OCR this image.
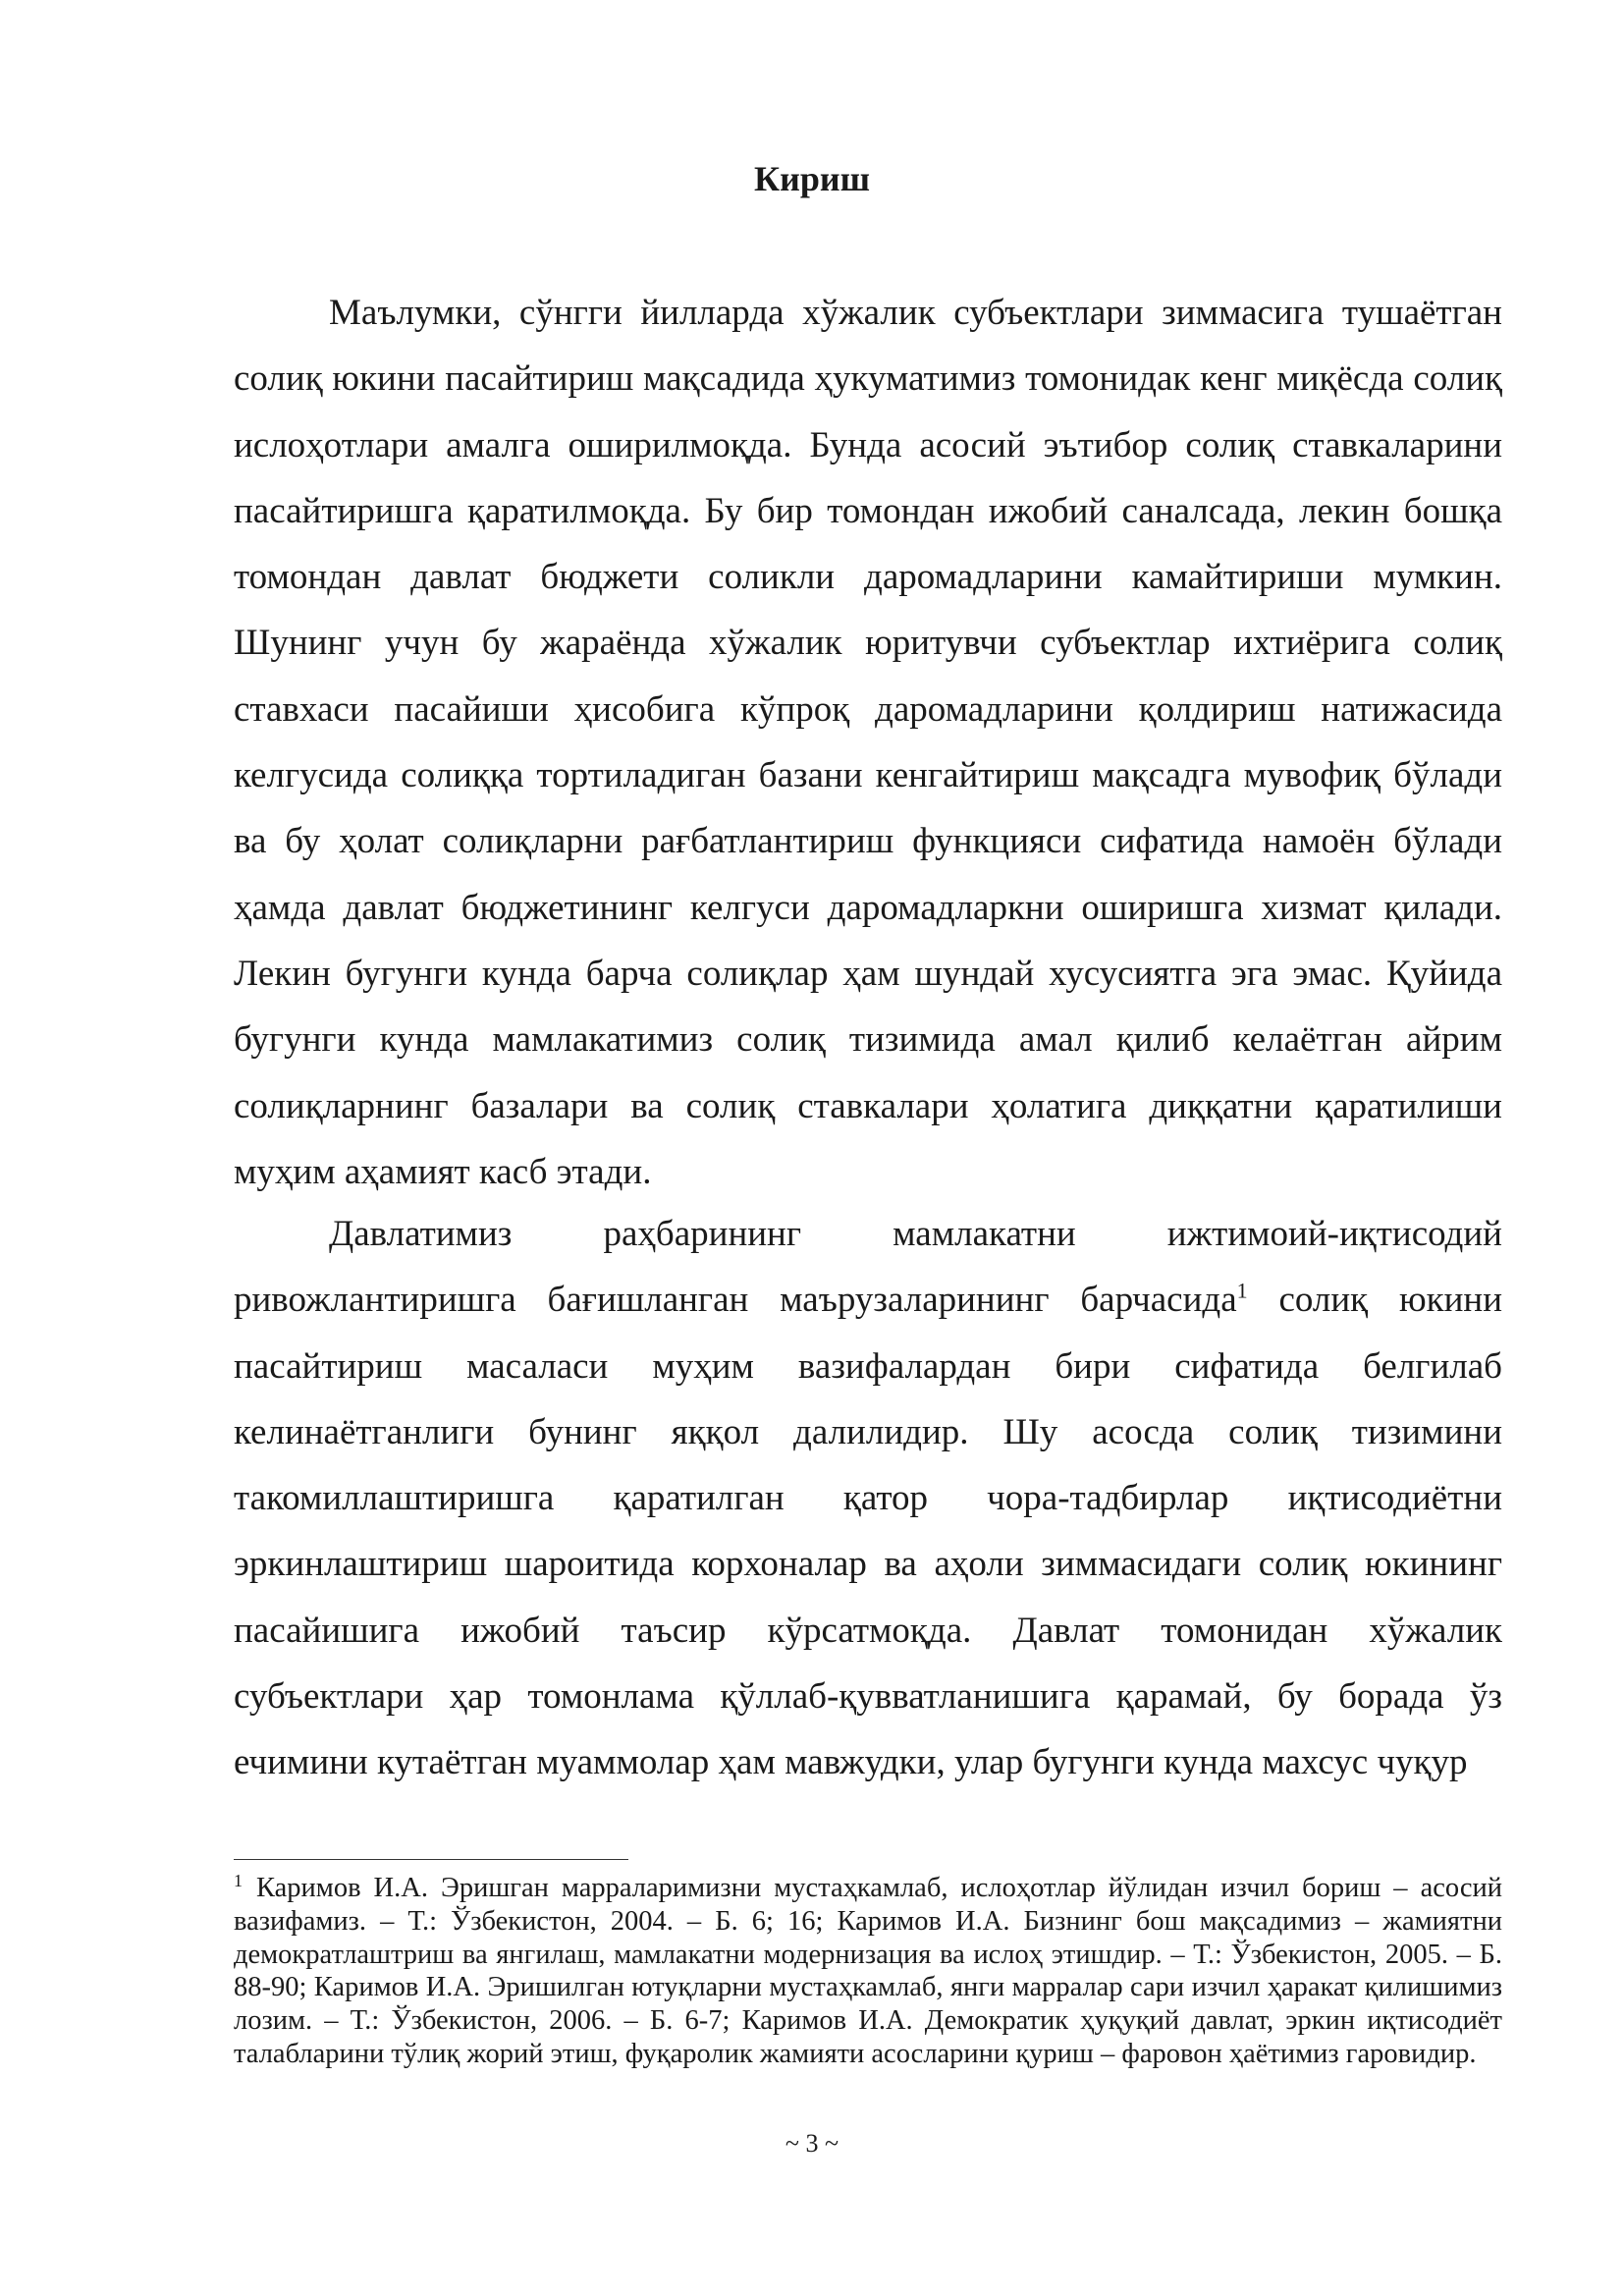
Кириш

Маълумки, сўнгги йилларда хўжалик субъектлари зиммасига тушаётган солиқ юкини пасайтириш мақсадида ҳукуматимиз томонидак кенг миқёсда солиқ ислоҳотлари амалга оширилмоқда. Бунда асосий эътибор солиқ ставкаларини пасайтиришга қаратилмоқда. Бу бир томондан ижобий саналсада, лекин бошқа томондан давлат бюджети соликли даромадларини камайтириши мумкин. Шунинг учун бу жараёнда хўжалик юритувчи субъектлар ихтиёрига солиқ ставхаси пасайиши ҳисобига кўпроқ даромадларини қолдириш натижасида келгусида солиққа тортиладиган базани кенгайтириш мақсадга мувофиқ бўлади ва бу ҳолат солиқларни рағбатлантириш функцияси сифатида намоён бўлади ҳамда давлат бюджетининг келгуси даромадларкни оширишга хизмат қилади. Лекин бугунги кунда барча солиқлар ҳам шундай хусусиятга эга эмас. Қуйида бугунги кунда мамлакатимиз солиқ тизимида амал қилиб келаётган айрим солиқларнинг базалари ва солиқ ставкалари ҳолатига диққатни қаратилиши муҳим аҳамият касб этади.

Давлатимиз раҳбарининг мамлакатни ижтимоий-иқтисодий ривожлантиришга бағишланган маърузаларининг барчасида$^1$ солиқ юкини пасайтириш масаласи муҳим вазифалардан бири сифатида белгилаб келинаётганлиги бунинг яққол далилидир. Шу асосда солиқ тизимини такомиллаштиришга қаратилган қатор чора-тадбирлар иқтисодиётни эркинлаштириш шароитида корхоналар ва аҳоли зиммасидаги солиқ юкининг пасайишига ижобий таъсир кўрсатмоқда. Давлат томонидан хўжалик субъектлари ҳар томонлама қўллаб-қувватланишига қарамай, бу борада ўз ечимини кутаётган муаммолар ҳам мавжудки, улар бугунги кунда махсус чуқур

$^1$ Каримов И.А. Эришган марраларимизни мустаҳкамлаб, ислоҳотлар йўлидан изчил бориш – асосий вазифамиз. – Т.: Ўзбекистон, 2004. – Б. 6; 16; Каримов И.А. Бизнинг бош мақсадимиз – жамиятни демократлаштриш ва янгилаш, мамлакатни модернизация ва ислоҳ этишдир. – Т.: Ўзбекистон, 2005. – Б. 88-90; Каримов И.А. Эришилган ютуқларни мустаҳкамлаб, янги марралар сари изчил ҳаракат қилишимиз лозим. – Т.: Ўзбекистон, 2006. – Б. 6-7; Каримов И.А. Демократик ҳуқуқий давлат, эркин иқтисодиёт талабларини тўлиқ жорий этиш, фуқаролик жамияти асосларини қуриш – фаровон ҳаётимиз гаровидир.

~ 3 ~
